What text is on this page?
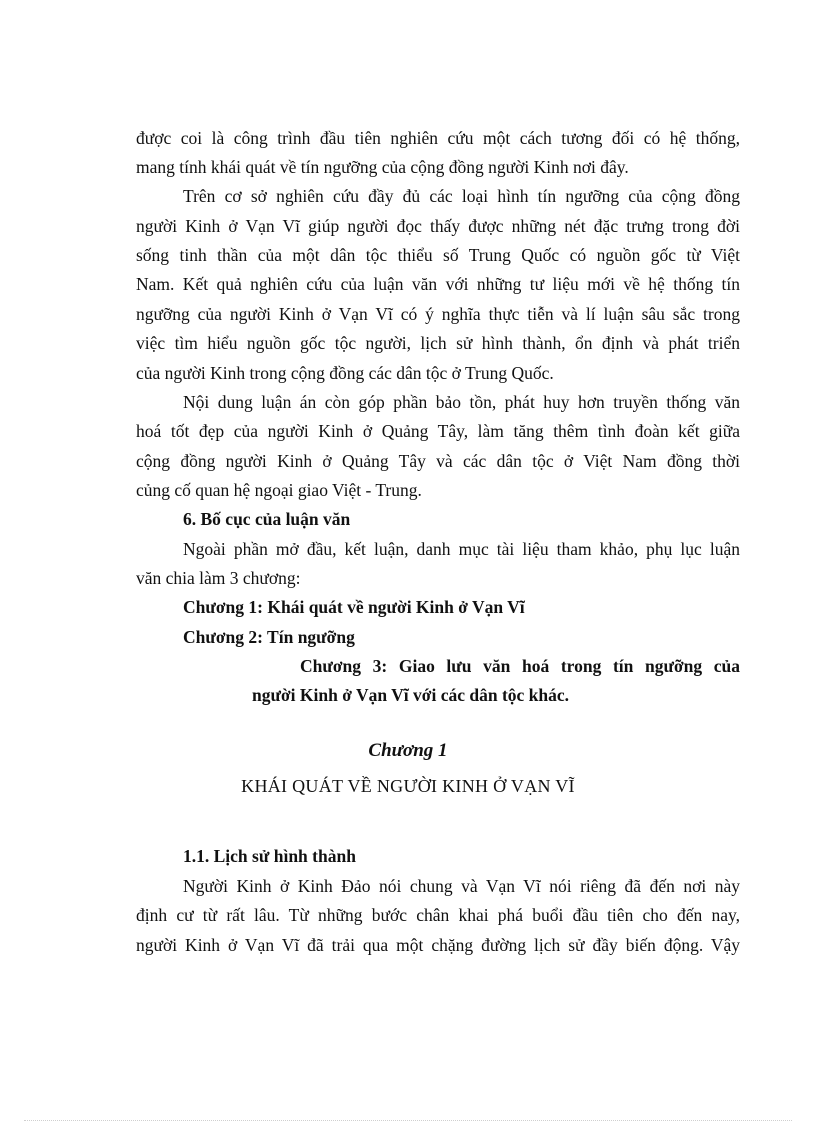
được coi là công trình đầu tiên nghiên cứu một cách tương đối có hệ thống,
mang tính khái quát về tín ngưỡng của cộng đồng người Kinh nơi đây.
Trên cơ sở nghiên cứu đầy đủ các loại hình tín ngưỡng của cộng đồng
người Kinh ở Vạn Vĩ giúp người đọc thấy được những nét đặc trưng trong đời
sống tinh thần của một dân tộc thiểu số Trung Quốc có nguồn gốc từ Việt
Nam. Kết quả nghiên cứu của luận văn với những tư liệu mới về hệ thống tín
ngưỡng của người Kinh ở Vạn Vĩ có ý nghĩa thực tiễn và lí luận sâu sắc trong
việc tìm hiểu nguồn gốc tộc người, lịch sử hình thành, ổn định và phát triển
của người Kinh trong cộng đồng các dân tộc ở Trung Quốc.
Nội dung luận án còn góp phần bảo tồn, phát huy hơn truyền thống văn
hoá tốt đẹp của người Kinh ở Quảng Tây, làm tăng thêm tình đoàn kết giữa
cộng đồng người Kinh ở Quảng Tây và các dân tộc ở Việt Nam đồng thời
củng cố quan hệ ngoại giao Việt - Trung.
6. Bố cục của luận văn
Ngoài phần mở đầu, kết luận, danh mục tài liệu tham khảo, phụ lục luận
văn chia làm 3 chương:
Chương 1: Khái quát về người Kinh ở Vạn Vĩ
Chương 2: Tín ngưỡng
Chương 3: Giao lưu văn hoá trong tín ngưỡng của
người Kinh ở Vạn Vĩ với các dân tộc khác.
Chương 1
KHÁI QUÁT VỀ NGƯỜI KINH Ở VẠN VĨ
1.1. Lịch sử hình thành
Người Kinh ở Kinh Đảo nói chung và Vạn Vĩ nói riêng đã đến nơi này
định cư từ rất lâu. Từ những bước chân khai phá buổi đầu tiên cho đến nay,
người Kinh ở Vạn Vĩ đã trải qua một chặng đường lịch sử đầy biến động. Vậy
